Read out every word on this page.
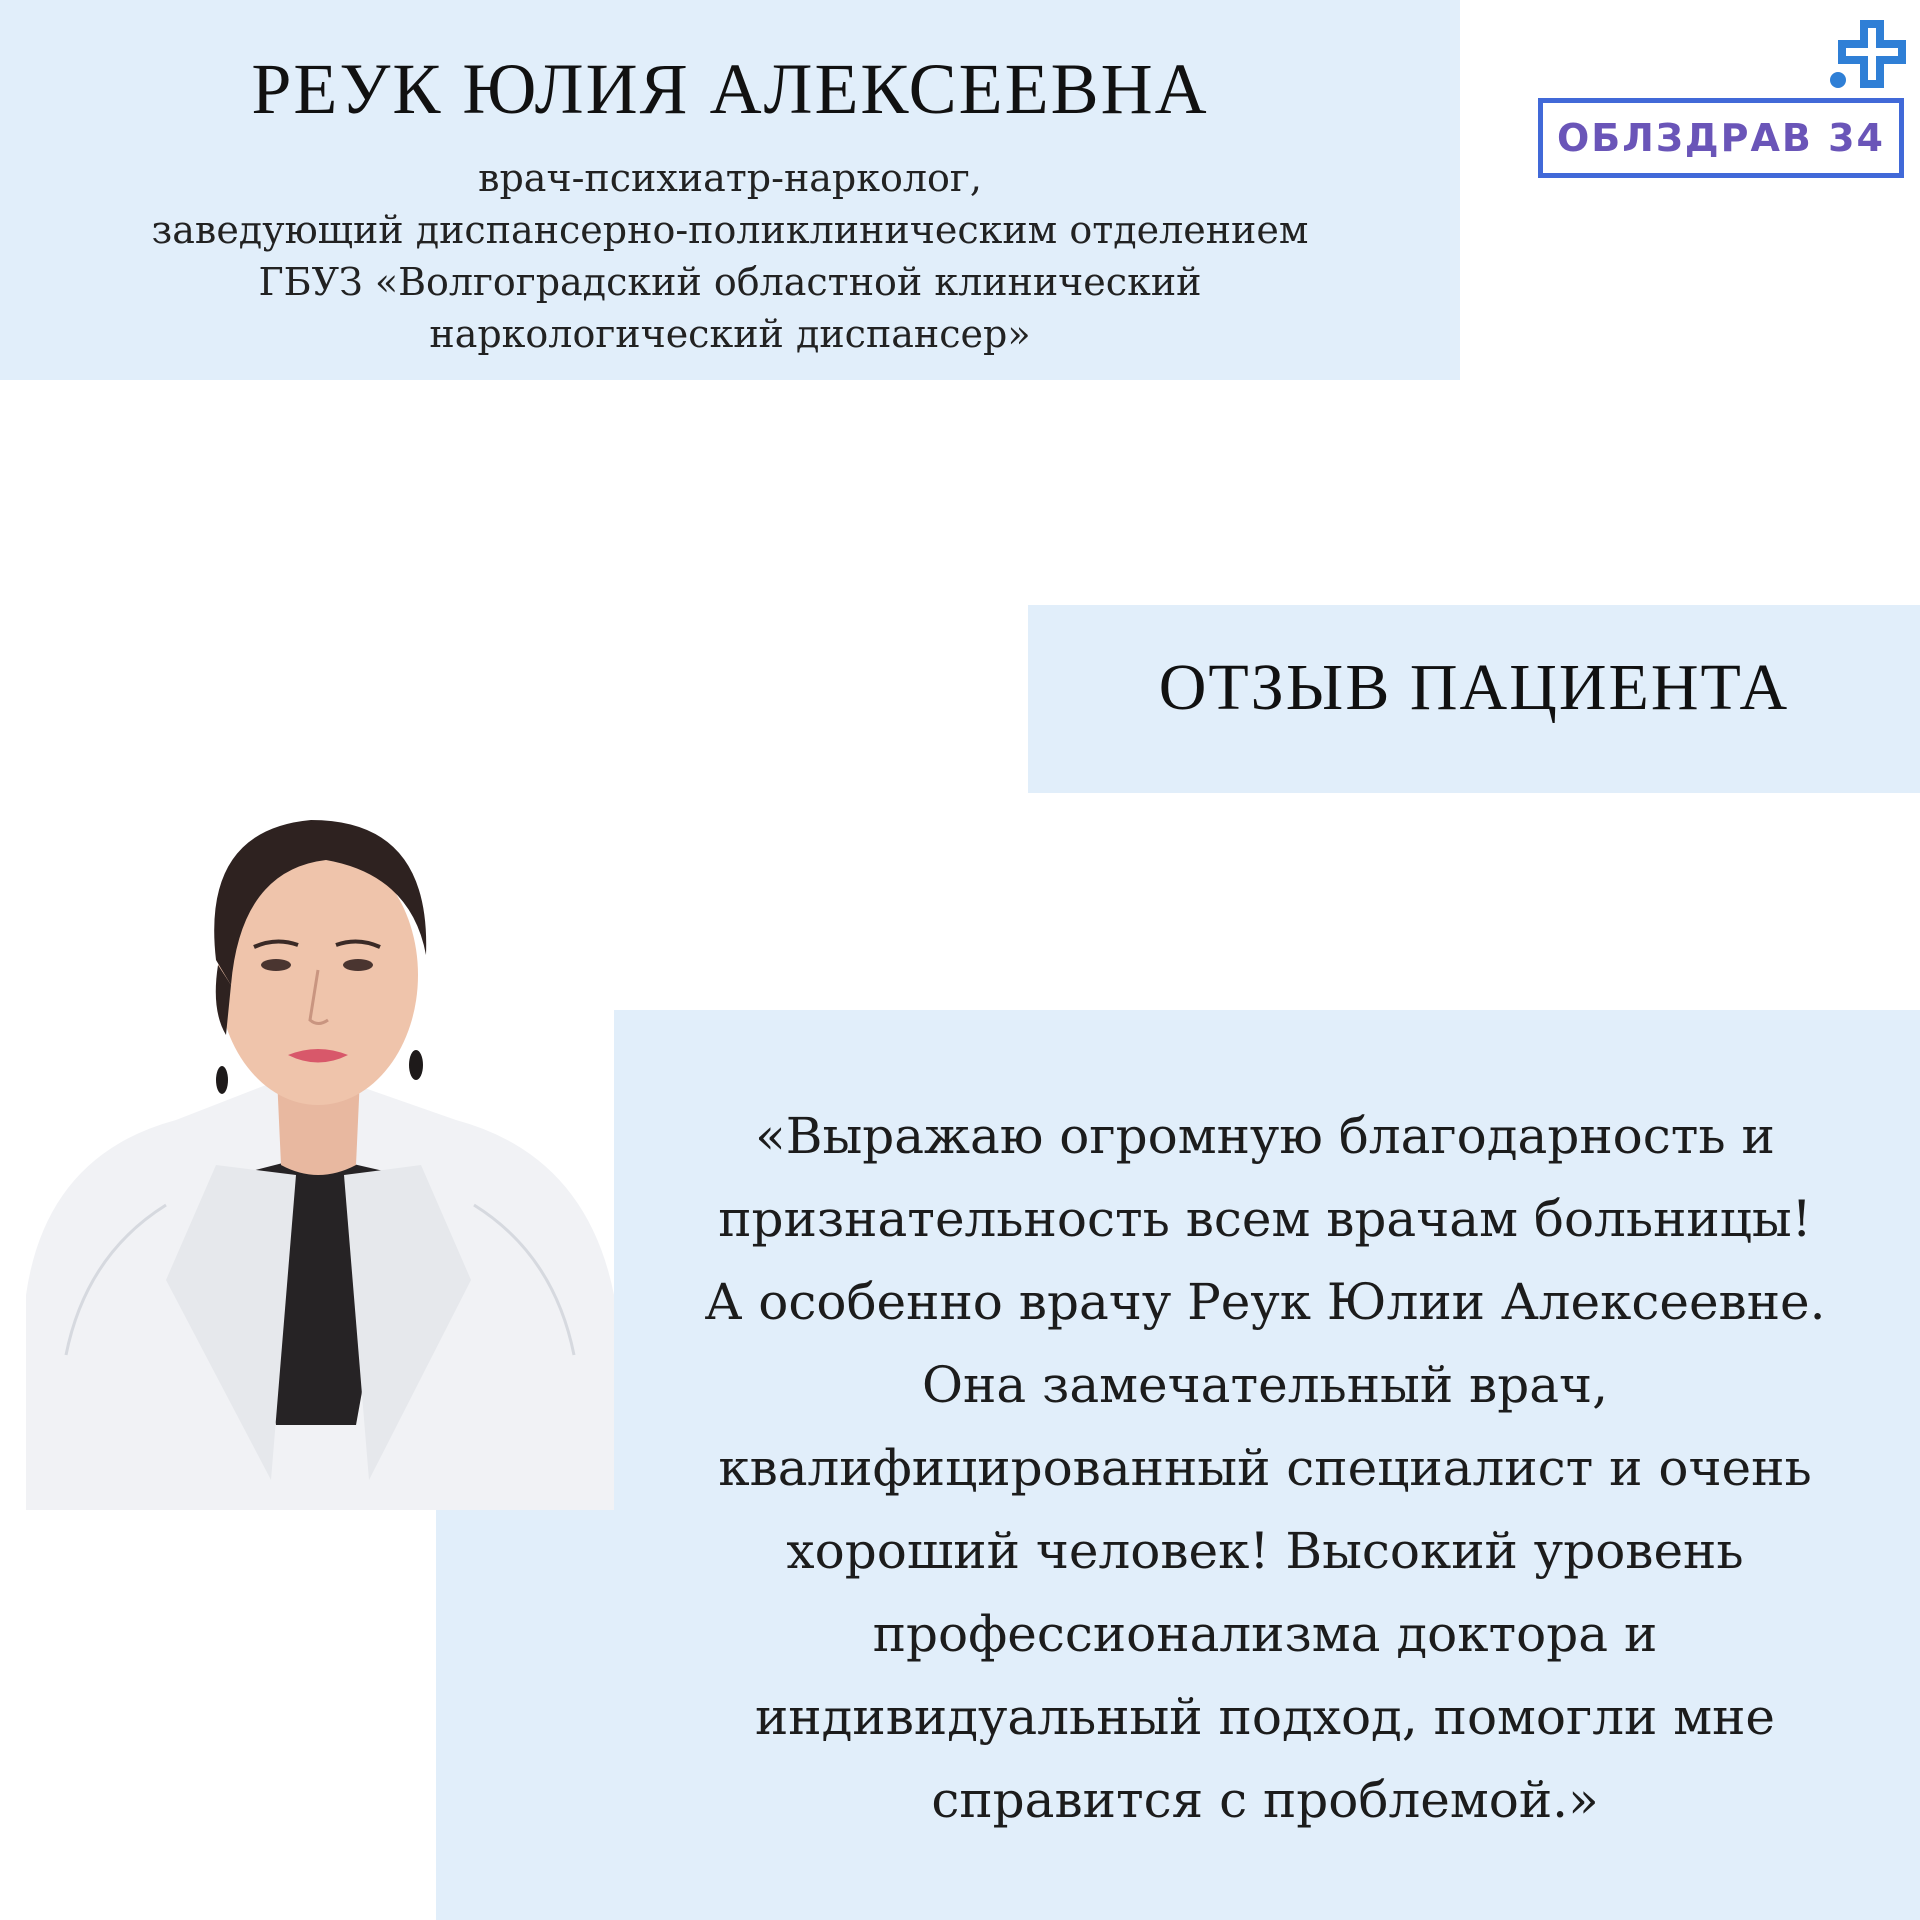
РЕУК ЮЛИЯ АЛЕКСЕЕВНА
врач-психиатр-нарколог,
заведующий диспансерно-поликлиническим отделением
ГБУЗ «Волгоградский областной клинический
наркологический диспансер»
ОБЛЗДРАВ 34
ОТЗЫВ ПАЦИЕНТА
«Выражаю огромную благодарность и
признательность всем врачам больницы!
А особенно врачу Реук Юлии Алексеевне.
Она замечательный врач,
квалифицированный специалист и очень
хороший человек! Высокий уровень
профессионализма доктора и
индивидуальный подход, помогли мне
справится с проблемой.»
